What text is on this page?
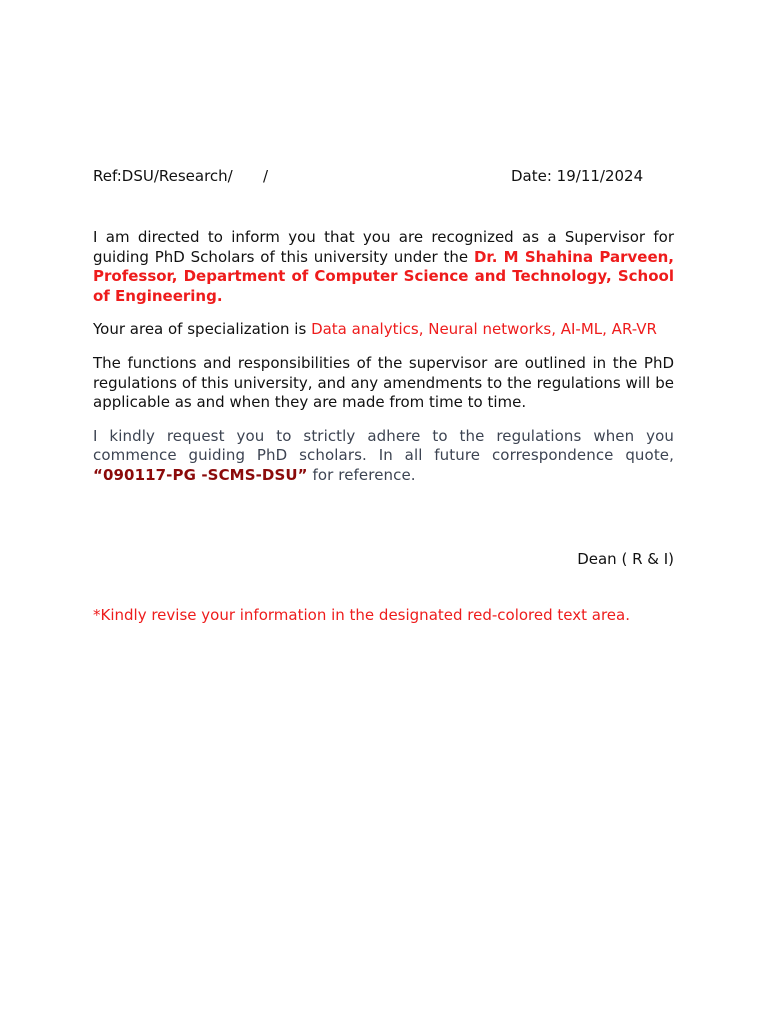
Ref:DSU/Research/ /	Date: 19/11/2024

I am directed to inform you that you are recognized as a Supervisor for guiding PhD Scholars of this university under the Dr. M Shahina Parveen, Professor, Department of Computer Science and Technology, School of Engineering.

Your area of specialization is Data analytics, Neural networks, AI-ML, AR-VR

The functions and responsibilities of the supervisor are outlined in the PhD regulations of this university, and any amendments to the regulations will be applicable as and when they are made from time to time.

I kindly request you to strictly adhere to the regulations when you commence guiding PhD scholars. In all future correspondence quote, “090117-PG -SCMS-DSU” for reference.

Dean ( R & I)
*Kindly revise your information in the designated red-colored text area.
